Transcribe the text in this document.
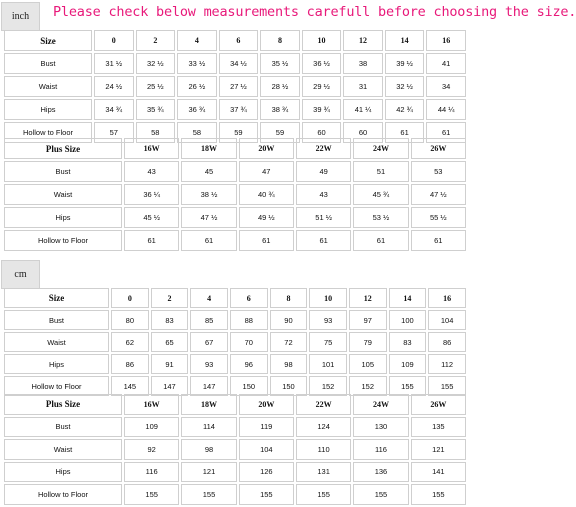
inch	Please check below measurements carefull before choosing the size.
Size	0	2	4	6	8	10	12	14	16
Bust	31 ½	32 ½	33 ½	34 ½	35 ½	36 ½	38	39 ½	41
Waist	24 ½	25 ½	26 ½	27 ½	28 ½	29 ½	31	32 ½	34
Hips	34 ¾	35 ¾	36 ¾	37 ¾	38 ¾	39 ¾	41 ¼	42 ¾	44 ¼
Hollow to Floor	57	58	58	59	59	60	60	61	61
Plus Size	16W	18W	20W	22W	24W	26W
Bust	43	45	47	49	51	53
Waist	36 ¼	38 ½	40 ¾	43	45 ¾	47 ½
Hips	45 ½	47 ½	49 ½	51 ½	53 ½	55 ½
Hollow to Floor	61	61	61	61	61	61
cm
Size	0	2	4	6	8	10	12	14	16
Bust	80	83	85	88	90	93	97	100	104
Waist	62	65	67	70	72	75	79	83	86
Hips	86	91	93	96	98	101	105	109	112
Hollow to Floor	145	147	147	150	150	152	152	155	155
Plus Size	16W	18W	20W	22W	24W	26W
Bust	109	114	119	124	130	135
Waist	92	98	104	110	116	121
Hips	116	121	126	131	136	141
Hollow to Floor	155	155	155	155	155	155
